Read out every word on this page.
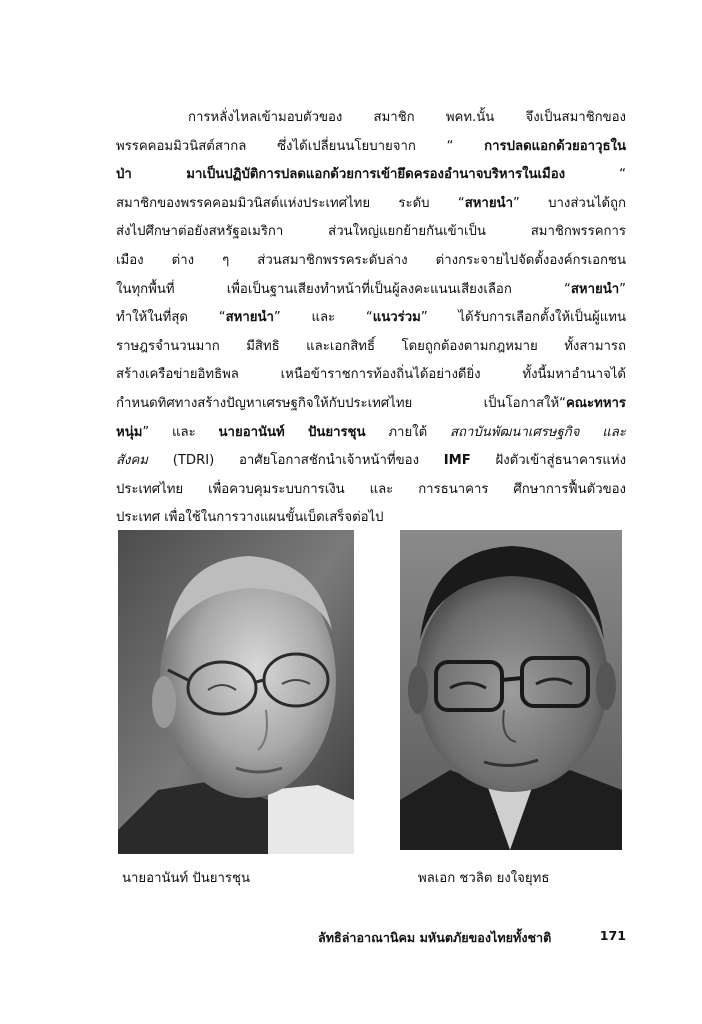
การหลั่งไหลเข้ามอบตัวของ สมาชิก พคท.นั้น จึงเป็นสมาชิกของ
พรรคคอมมิวนิสต์สากล ซึ่งได้เปลี่ยนนโยบายจาก “ การปลดแอกด้วยอาวุธใน
ป่า มาเป็นปฏิบัติการปลดแอกด้วยการเข้ายึดครองอำนาจบริหารในเมือง “
สมาชิกของพรรคคอมมิวนิสต์แห่งประเทศไทย ระดับ “สหายนำ” บางส่วนได้ถูก
ส่งไปศึกษาต่อยังสหรัฐอเมริกา ส่วนใหญ่แยกย้ายกันเข้าเป็น สมาชิกพรรคการ
เมือง ต่าง ๆ ส่วนสมาชิกพรรคระดับล่าง ต่างกระจายไปจัดตั้งองค์กรเอกชน
ในทุกพื้นที่ เพื่อเป็นฐานเสียงทำหน้าที่เป็นผู้ลงคะแนนเสียงเลือก “สหายนำ”
ทำให้ในที่สุด “สหายนำ” และ “แนวร่วม” ได้รับการเลือกตั้งให้เป็นผู้แทน
ราษฎรจำนวนมาก มีสิทธิ และเอกสิทธิ์ โดยถูกต้องตามกฎหมาย ทั้งสามารถ
สร้างเครือข่ายอิทธิพล เหนือข้าราชการท้องถิ่นได้อย่างดียิ่ง ทั้งนี้มหาอำนาจได้
กำหนดทิศทางสร้างปัญหาเศรษฐกิจให้กับประเทศไทย เป็นโอกาสให้“คณะทหาร
หนุ่ม” และ นายอานันท์ ปันยารชุน ภายใต้ สถาบันพัฒนาเศรษฐกิจ และ
สังคม (TDRI) อาศัยโอกาสชักนำเจ้าหน้าที่ของ IMF ฝังตัวเข้าสู่ธนาคารแห่ง
ประเทศไทย เพื่อควบคุมระบบการเงิน และ การธนาคาร ศึกษาการฟื้นตัวของ
ประเทศ เพื่อใช้ในการวางแผนขั้นเบ็ดเสร็จต่อไป
นายอานันท์ ปันยารชุน	พลเอก ชวลิต ยงใจยุทธ
ลัทธิล่าอาณานิคม มหันตภัยของไทยทั้งชาติ	171
